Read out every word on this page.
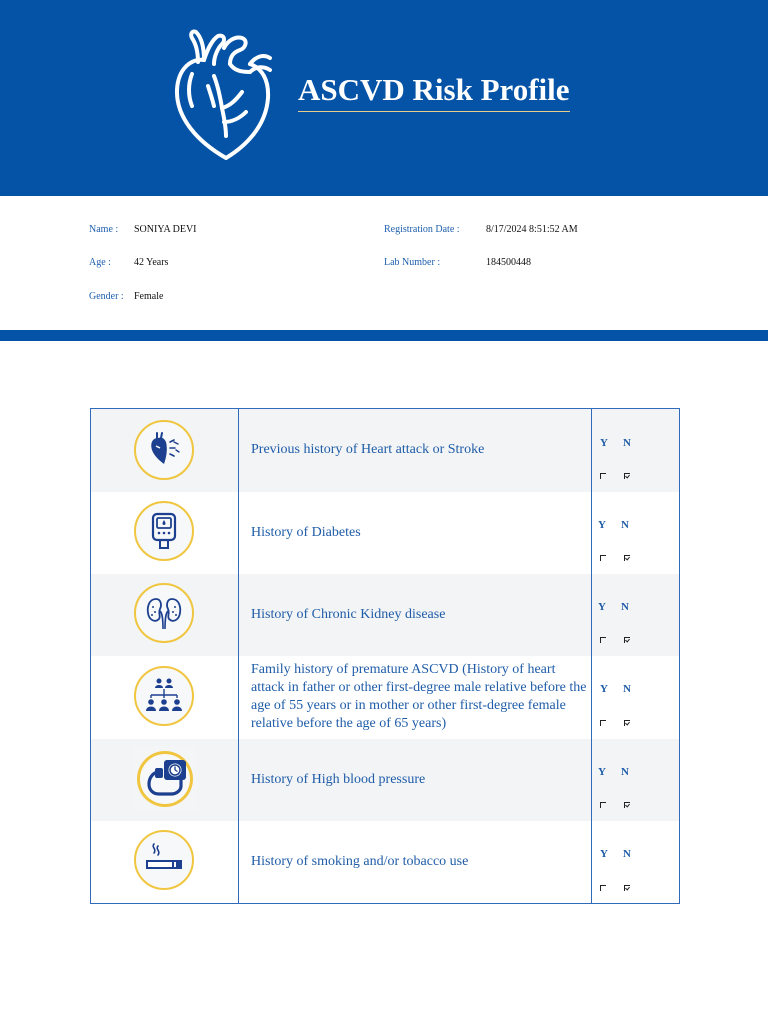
ASCVD Risk Profile
Name : SONIYA DEVI
Age : 42 Years
Gender : Female
Registration Date :	8/17/2024 8:51:52 AM
Lab Number :	184500448
Previous history of Heart attack or Stroke
History of Diabetes
History of Chronic Kidney disease
Family history of premature ASCVD (History of heart attack in father or other first-degree male relative before the age of 55 years or in mother or other first-degree female relative before the age of 65 years)
History of High blood pressure
History of smoking and/or tobacco use
Y N
Y N
Y N
Y N
Y N
Y N
